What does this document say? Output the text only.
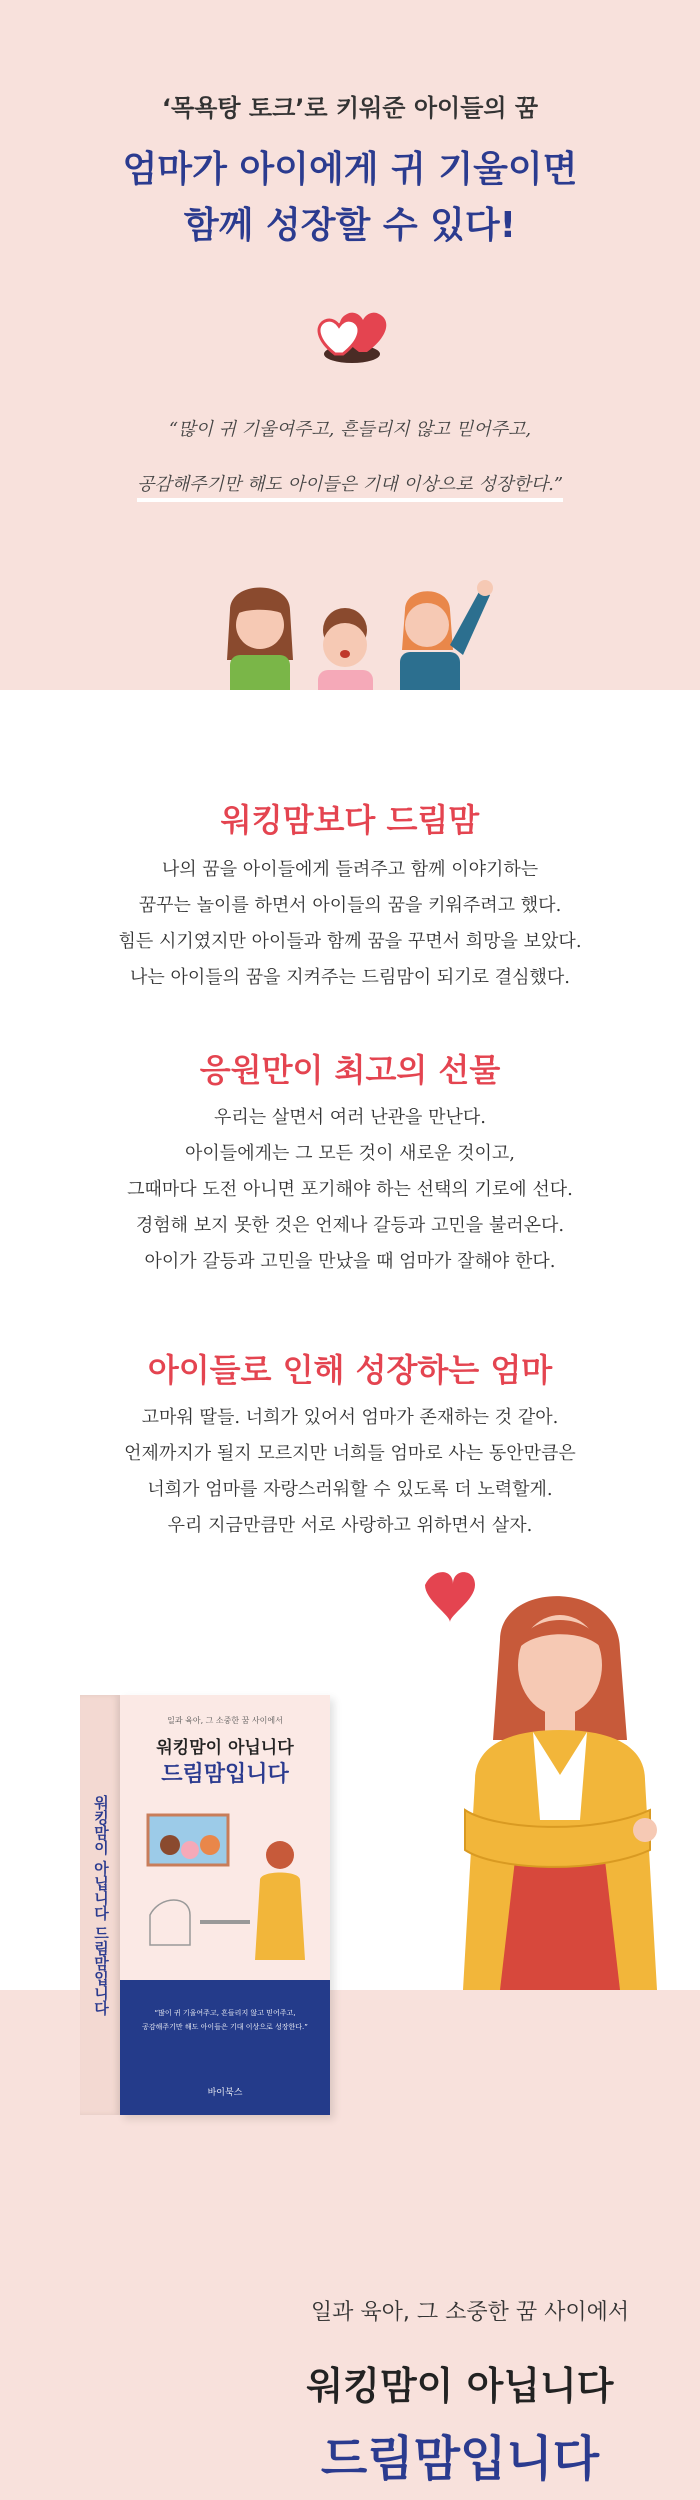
‘목욕탕 토크’로 키워준 아이들의 꿈
엄마가 아이에게 귀 기울이면
함께 성장할 수 있다!
“많이 귀 기울여주고, 흔들리지 않고 믿어주고,
공감해주기만 해도 아이들은 기대 이상으로 성장한다.”
워킹맘보다 드림맘
나의 꿈을 아이들에게 들려주고 함께 이야기하는
꿈꾸는 놀이를 하면서 아이들의 꿈을 키워주려고 했다.
힘든 시기였지만 아이들과 함께 꿈을 꾸면서 희망을 보았다.
나는 아이들의 꿈을 지켜주는 드림맘이 되기로 결심했다.
응원만이 최고의 선물
우리는 살면서 여러 난관을 만난다.
아이들에게는 그 모든 것이 새로운 것이고,
그때마다 도전 아니면 포기해야 하는 선택의 기로에 선다.
경험해 보지 못한 것은 언제나 갈등과 고민을 불러온다.
아이가 갈등과 고민을 만났을 때 엄마가 잘해야 한다.
아이들로 인해 성장하는 엄마
고마워 딸들. 너희가 있어서 엄마가 존재하는 것 같아.
언제까지가 될지 모르지만 너희들 엄마로 사는 동안만큼은
너희가 엄마를 자랑스러워할 수 있도록 더 노력할게.
우리 지금만큼만 서로 사랑하고 위하면서 살자.
워킹맘이 아닙니다 드림맘입니다
일과 육아, 그 소중한 꿈 사이에서
워킹맘이 아닙니다
드림맘입니다
“많이 귀 기울여주고, 흔들리지 않고 믿어주고,
공감해주기만 해도 아이들은 기대 이상으로 성장한다.”
바이북스
일과 육아, 그 소중한 꿈 사이에서
워킹맘이 아닙니다
드림맘입니다
